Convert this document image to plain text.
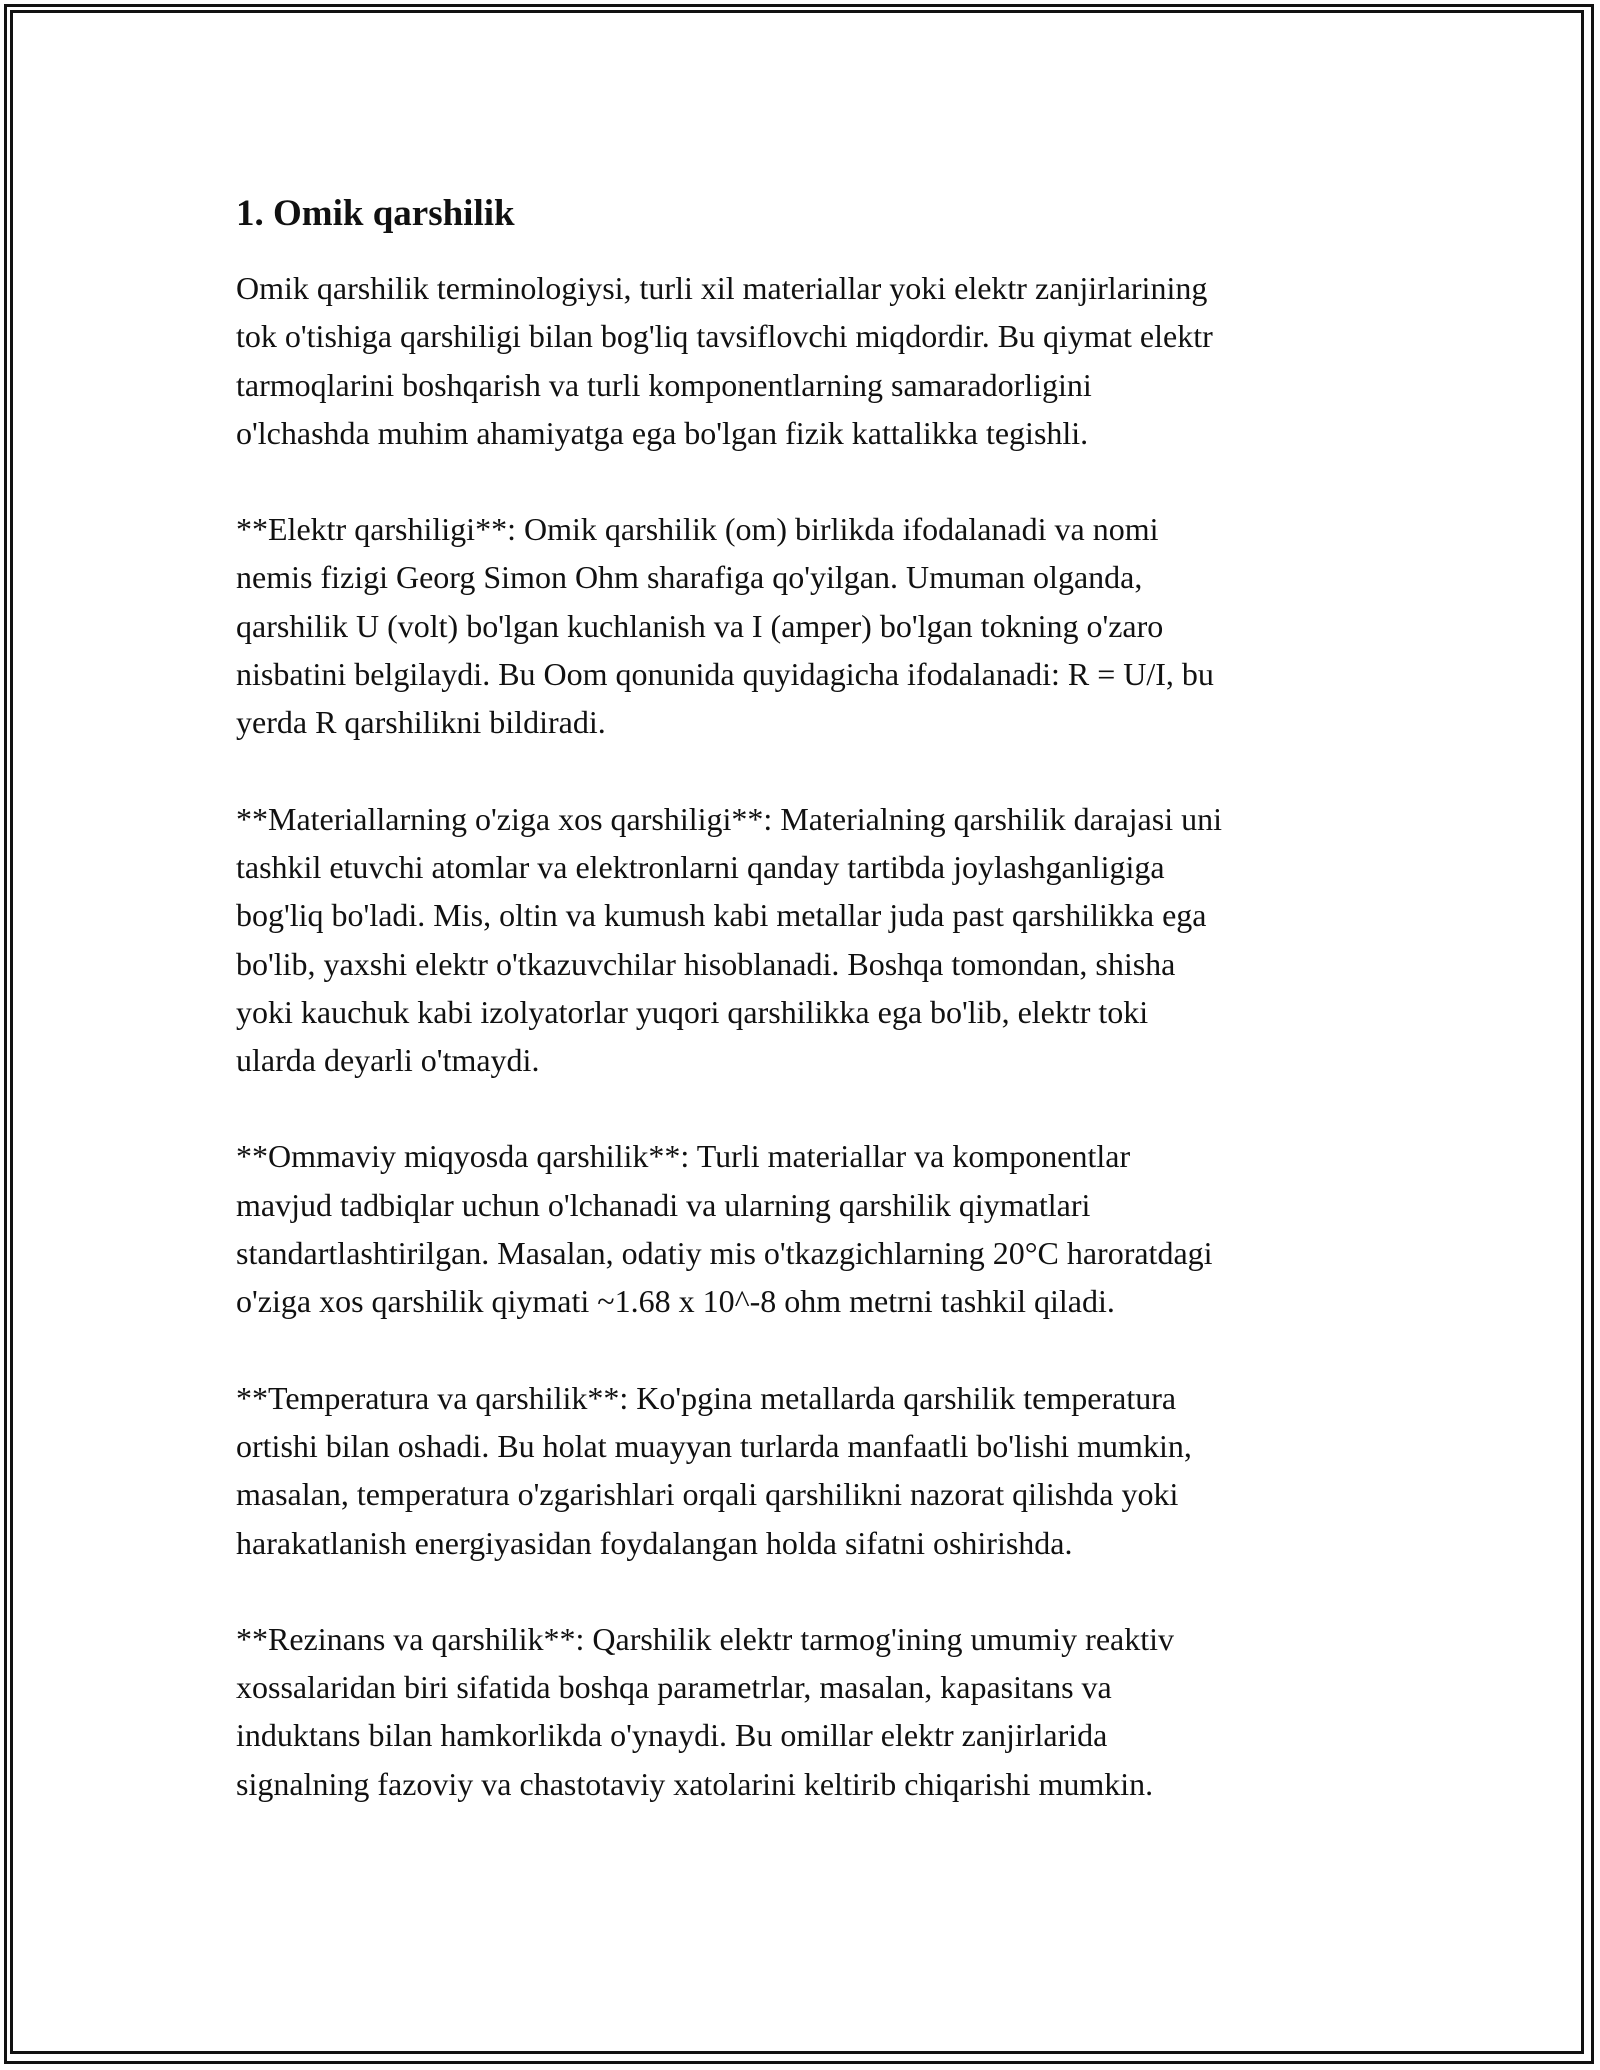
1. Omik qarshilik

Omik qarshilik terminologiysi, turli xil materiallar yoki elektr zanjirlarining
tok o'tishiga qarshiligi bilan bog'liq tavsiflovchi miqdordir. Bu qiymat elektr
tarmoqlarini boshqarish va turli komponentlarning samaradorligini
o'lchashda muhim ahamiyatga ega bo'lgan fizik kattalikka tegishli.

**Elektr qarshiligi**: Omik qarshilik (om) birlikda ifodalanadi va nomi
nemis fizigi Georg Simon Ohm sharafiga qo'yilgan. Umuman olganda,
qarshilik U (volt) bo'lgan kuchlanish va I (amper) bo'lgan tokning o'zaro
nisbatini belgilaydi. Bu Oom qonunida quyidagicha ifodalanadi: R = U/I, bu
yerda R qarshilikni bildiradi.

**Materiallarning o'ziga xos qarshiligi**: Materialning qarshilik darajasi uni
tashkil etuvchi atomlar va elektronlarni qanday tartibda joylashganligiga
bog'liq bo'ladi. Mis, oltin va kumush kabi metallar juda past qarshilikka ega
bo'lib, yaxshi elektr o'tkazuvchilar hisoblanadi. Boshqa tomondan, shisha
yoki kauchuk kabi izolyatorlar yuqori qarshilikka ega bo'lib, elektr toki
ularda deyarli o'tmaydi.

**Ommaviy miqyosda qarshilik**: Turli materiallar va komponentlar
mavjud tadbiqlar uchun o'lchanadi va ularning qarshilik qiymatlari
standartlashtirilgan. Masalan, odatiy mis o'tkazgichlarning 20°C haroratdagi
o'ziga xos qarshilik qiymati ~1.68 x 10^-8 ohm metrni tashkil qiladi.

**Temperatura va qarshilik**: Ko'pgina metallarda qarshilik temperatura
ortishi bilan oshadi. Bu holat muayyan turlarda manfaatli bo'lishi mumkin,
masalan, temperatura o'zgarishlari orqali qarshilikni nazorat qilishda yoki
harakatlanish energiyasidan foydalangan holda sifatni oshirishda.

**Rezinans va qarshilik**: Qarshilik elektr tarmog'ining umumiy reaktiv
xossalaridan biri sifatida boshqa parametrlar, masalan, kapasitans va
induktans bilan hamkorlikda o'ynaydi. Bu omillar elektr zanjirlarida
signalning fazoviy va chastotaviy xatolarini keltirib chiqarishi mumkin.
